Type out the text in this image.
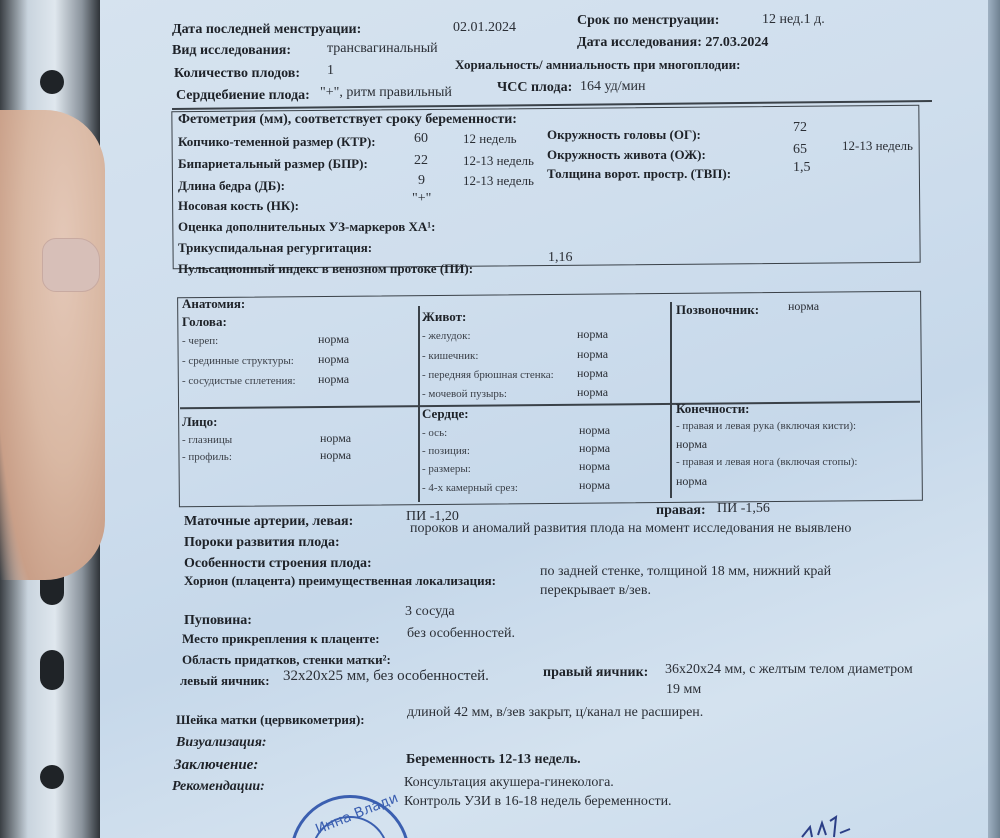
Дата последней менструации:	02.01.2024	Срок по менструации:	12 нед.1 д.
Вид исследования:	трансвагинальный	Дата исследования: 27.03.2024
Количество плодов: 1	Хориальность/ амниальность при многоплодии:
Сердцебиение плода: "+", ритм правильный	ЧСС плода: 164 уд/мин
Фетометрия (мм), соответствует сроку беременности:
Копчико-теменной размер (КТР):	60	12 недель
Бипариетальный размер (БПР):	22	12-13 недель
Длина бедра (ДБ):	9	12-13 недель
Носовая кость (НК):	"+"
Окружность головы (ОГ):	72
Окружность живота (ОЖ):	65	12-13 недель
Толщина ворот. простр. (ТВП):	1,5
Оценка дополнительных УЗ-маркеров ХА¹:
Трикуспидальная регургитация:
Пульсационный индекс в венозном протоке (ПИ):
1,16
Анатомия:
Голова:
- череп:	норма
- срединные структуры: норма
- сосудистые сплетения: норма
Лицо:
- глазницы	норма
- профиль:	норма
Живот:
- желудок:	норма
- кишечник:	норма
- передняя брюшная стенка: норма
- мочевой пузырь:	норма
Сердце:
- ось:	норма
- позиция:	норма
- размеры:	норма
- 4-х камерный срез:	норма
Позвоночник: норма
Конечности:
- правая и левая рука (включая кисти):
норма
- правая и левая нога (включая стопы):
норма
Маточные артерии, левая:	ПИ -1,20	правая: ПИ -1,56
Пороки развития плода:
пороков и аномалий развития плода на момент исследования не выявлено
Особенности строения плода:
Хорион (плацента) преимущественная локализация:
по задней стенке, толщиной 18 мм, нижний край
перекрывает в/зев.
Пуповина:
3 сосуда
Место прикрепления к плаценте: без особенностей.
Область придатков, стенки матки²:
левый яичник: 32х20х25 мм, без особенностей.	правый яичник: 36х20х24 мм, с желтым телом диаметром
19 мм
Шейка матки (цервикометрия):	длиной 42 мм, в/зев закрыт, ц/канал не расширен.
Визуализация:
Заключение:	Беременность 12-13 недель.
Рекомендации:	Консультация акушера-гинеколога.
Контроль УЗИ в 16-18 недель беременности.
Инна Влади
